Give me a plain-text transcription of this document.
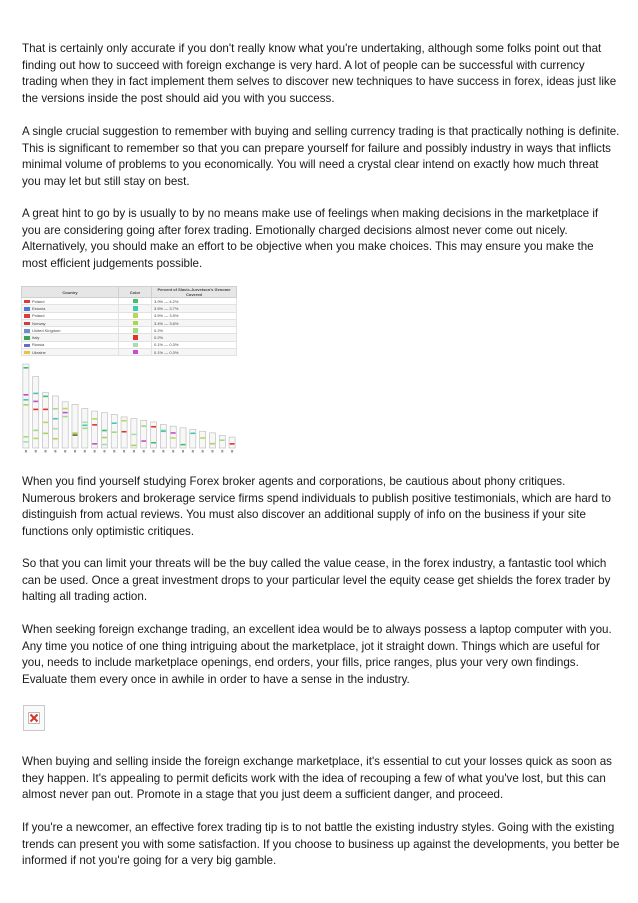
That is certainly only accurate if you don't really know what you're undertaking, although some folks point out that finding out how to succeed with foreign exchange is very hard. A lot of people can be successful with currency trading when they in fact implement them selves to discover new techniques to have success in forex, ideas just like the versions inside the post should aid you with you success.

A single crucial suggestion to remember with buying and selling currency trading is that practically nothing is definite. This is significant to remember so that you can prepare yourself for failure and possibly industry in ways that inflicts minimal volume of problems to you economically. You will need a crystal clear intend on exactly how much threat you may let but still stay on best.

A great hint to go by is usually to by no means make use of feelings when making decisions in the marketplace if you are considering going after forex trading. Emotionally charged decisions almost never come out nicely. Alternatively, you should make an effort to be objective when you make choices. This may ensure you make the most efficient judgements possible.

Country	Color	Percent of Slavic-Jurvetson's Genome Covered
Poland		3.9% — 4.2%
Estonia		3.5% — 3.7%
Poland		3.5% — 3.5%
Norway		3.4% — 3.6%
United Kingdom		0.2%
Italy		0.2%
Russia		0.1% — 0.3%
Ukraine		0.1% — 0.3%

When you find yourself studying Forex broker agents and corporations, be cautious about phony critiques. Numerous brokers and brokerage service firms spend individuals to publish positive testimonials, which are hard to distinguish from actual reviews. You must also discover an additional supply of info on the business if your site functions only optimistic critiques.

So that you can limit your threats will be the buy called the value cease, in the forex industry, a fantastic tool which can be used. Once a great investment drops to your particular level the equity cease get shields the forex trader by halting all trading action.

When seeking foreign exchange trading, an excellent idea would be to always possess a laptop computer with you. Any time you notice of one thing intriguing about the marketplace, jot it straight down. Things which are useful for you, needs to include marketplace openings, end orders, your fills, price ranges, plus your very own findings. Evaluate them every once in awhile in order to have a sense in the industry.

When buying and selling inside the foreign exchange marketplace, it's essential to cut your losses quick as soon as they happen. It's appealing to permit deficits work with the idea of recouping a few of what you've lost, but this can almost never pan out. Promote in a stage that you just deem a sufficient danger, and proceed.

If you're a newcomer, an effective forex trading tip is to not battle the existing industry styles. Going with the existing trends can present you with some satisfaction. If you choose to business up against the developments, you better be informed if not you're going for a very big gamble.
